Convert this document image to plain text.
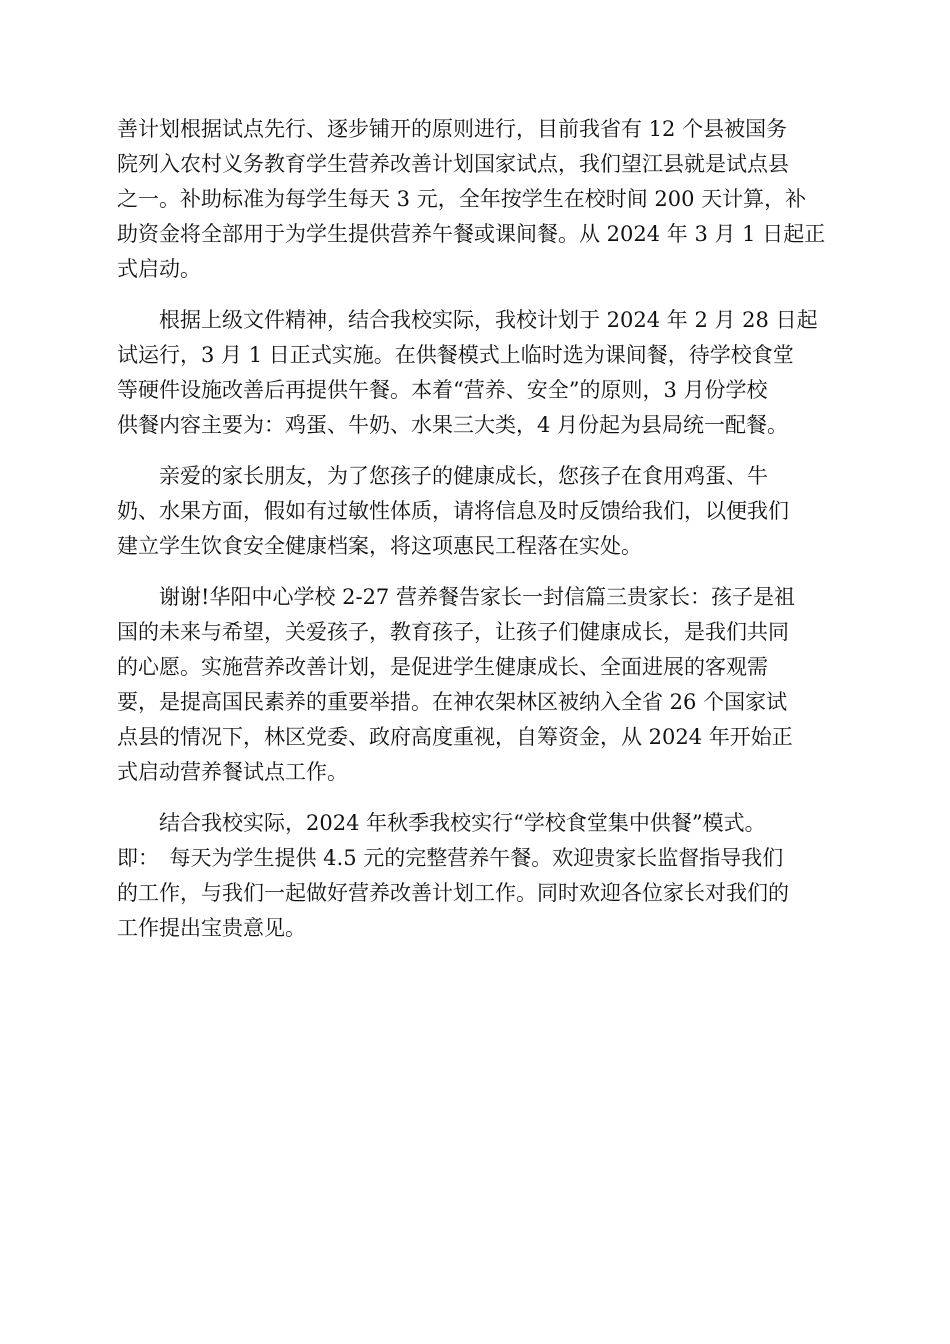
善计划根据试点先行、逐步铺开的原则进行，目前我省有 12 个县被国务
院列入农村义务教育学生营养改善计划国家试点，我们望江县就是试点县
之一。补助标准为每学生每天 3 元，全年按学生在校时间 200 天计算，补
助资金将全部用于为学生提供营养午餐或课间餐。从 2024 年 3 月 1 日起正
式启动。

根据上级文件精神，结合我校实际，我校计划于 2024 年 2 月 28 日起

试运行，3 月 1 日正式实施。在供餐模式上临时选为课间餐，待学校食堂
等硬件设施改善后再提供午餐。本着“营养、安全”的原则，3 月份学校
供餐内容主要为：鸡蛋、牛奶、水果三大类，4 月份起为县局统一配餐。

亲爱的家长朋友，为了您孩子的健康成长，您孩子在食用鸡蛋、牛

奶、水果方面，假如有过敏性体质，请将信息及时反馈给我们，以便我们
建立学生饮食安全健康档案，将这项惠民工程落在实处。

谢谢!华阳中心学校 2-27 营养餐告家长一封信篇三贵家长：孩子是祖

国的未来与希望，关爱孩子，教育孩子，让孩子们健康成长，是我们共同
的心愿。实施营养改善计划，是促进学生健康成长、全面进展的客观需
要，是提高国民素养的重要举措。在神农架林区被纳入全省 26 个国家试
点县的情况下，林区党委、政府高度重视，自筹资金，从 2024 年开始正
式启动营养餐试点工作。

结合我校实际，2024 年秋季我校实行“学校食堂集中供餐”模式。

即：　每天为学生提供 4.5 元的完整营养午餐。欢迎贵家长监督指导我们
的工作，与我们一起做好营养改善计划工作。同时欢迎各位家长对我们的
工作提出宝贵意见。
